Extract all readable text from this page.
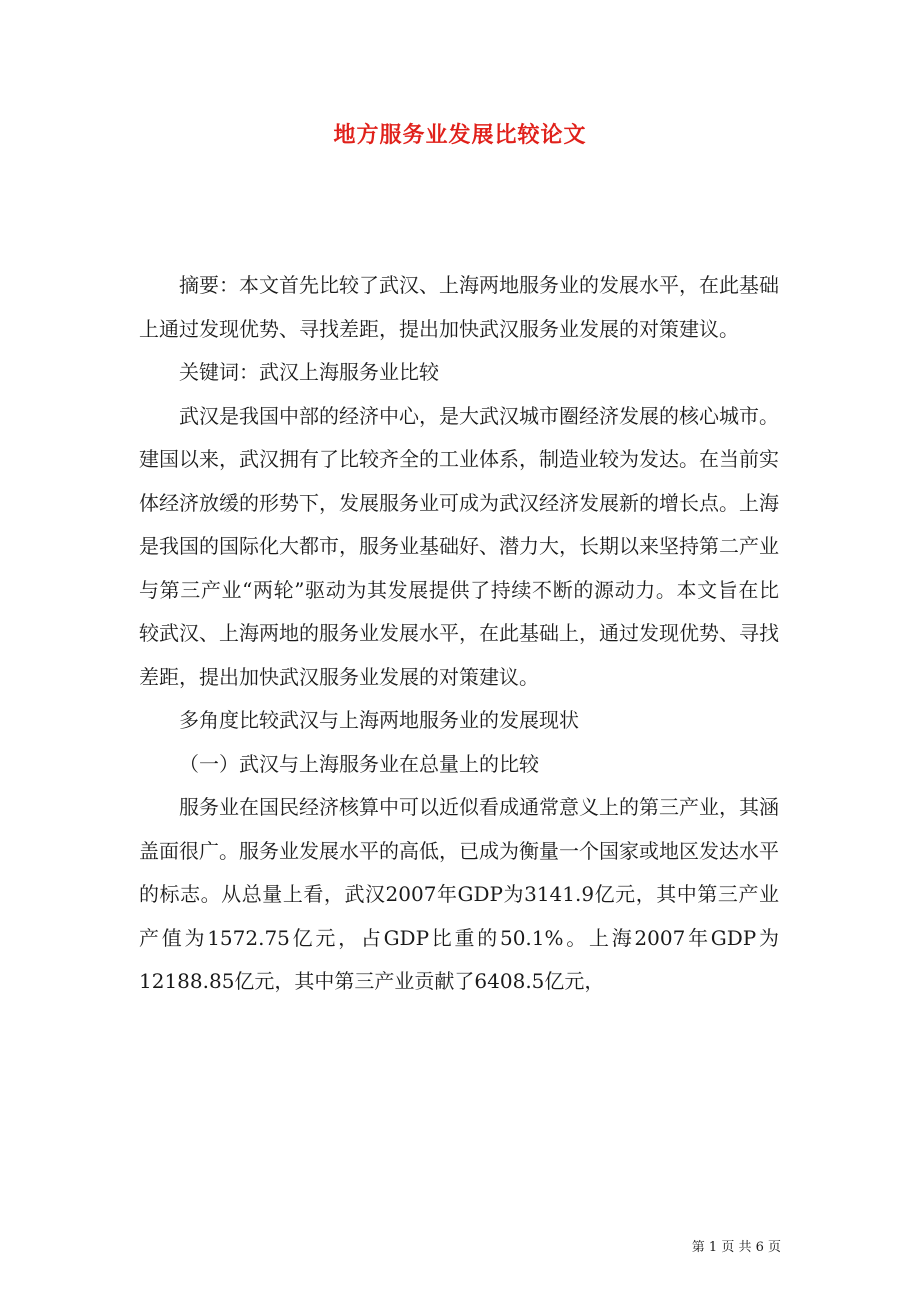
地方服务业发展比较论文

摘要：本文首先比较了武汉、上海两地服务业的发展水平，在此基础上通过发现优势、寻找差距，提出加快武汉服务业发展的对策建议。

关键词：武汉上海服务业比较

武汉是我国中部的经济中心，是大武汉城市圈经济发展的核心城市。建国以来，武汉拥有了比较齐全的工业体系，制造业较为发达。在当前实体经济放缓的形势下，发展服务业可成为武汉经济发展新的增长点。上海是我国的国际化大都市，服务业基础好、潜力大，长期以来坚持第二产业与第三产业“两轮”驱动为其发展提供了持续不断的源动力。本文旨在比较武汉、上海两地的服务业发展水平，在此基础上，通过发现优势、寻找差距，提出加快武汉服务业发展的对策建议。

多角度比较武汉与上海两地服务业的发展现状

（一）武汉与上海服务业在总量上的比较

服务业在国民经济核算中可以近似看成通常意义上的第三产业，其涵盖面很广。服务业发展水平的高低，已成为衡量一个国家或地区发达水平的标志。从总量上看，武汉2007年GDP为3141.9亿元，其中第三产业产值为1572.75亿元，占GDP比重的50.1%。上海2007年GDP为12188.85亿元，其中第三产业贡献了6408.5亿元，

第 1 页 共 6 页
